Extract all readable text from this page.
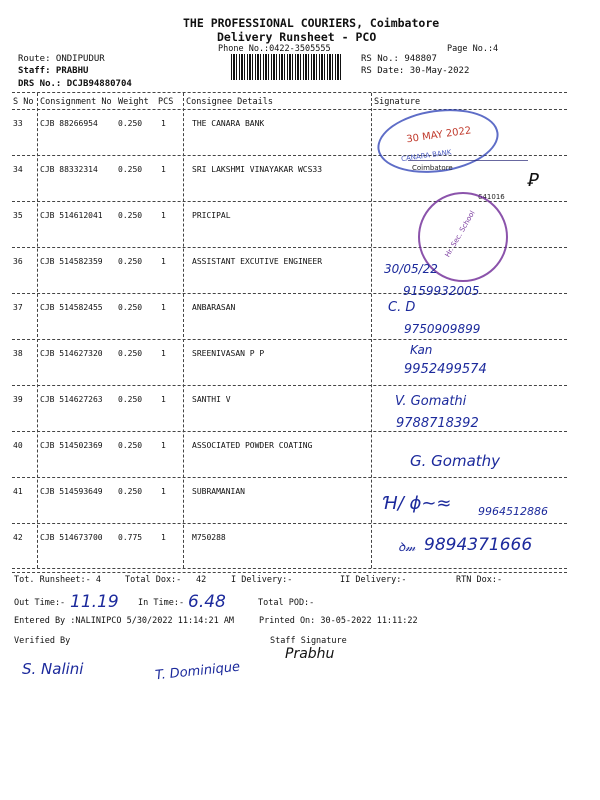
THE PROFESSIONAL COURIERS, Coimbatore
Delivery Runsheet - PCO
Phone No.:0422-3505555	Page No.:4
Route: ONDIPUDUR
Staff: PRABHU
DRS No.: DCJB94880704
RS No.: 948807
RS Date: 30-May-2022
S No Consignment No Weight PCS Consignee Details	Signature
33 CJB 88266954	0.250 1	THE CANARA BANK
34 CJB 88332314	0.250 1	SRI LAKSHMI VINAYAKAR WCS33
35 CJB 514612041 0.250 1	PRICIPAL
36 CJB 514582359 0.250 1	ASSISTANT EXCUTIVE ENGINEER
37 CJB 514582455 0.250 1	ANBARASAN
38 CJB 514627320 0.250 1	SREENIVASAN P P
39 CJB 514627263 0.250 1	SANTHI V
40 CJB 514502369 0.250 1	ASSOCIATED POWDER COATING
41 CJB 514593649 0.250 1	SUBRAMANIAN
42 CJB 514673700 0.775 1	M750288
30 MAY 2022
CANARA BANK
Coimbatore
641016
Ꝑ
Hr. Sec. School
30/05/22
9159932005
C. D
9750909899
Kan
9952499574
V. Gomathi
9788718392
G. Gomathy
Ɦ/ ϕ~≈ 9964512886
ꝺ𝓂 9894371666
Tot. Runsheet:- 4	Total Dox:- 42	I Delivery:-	II Delivery:-	RTN Dox:-
Out Time:- 11.19 In Time:- 6.48	Total POD:-
Entered By :NALINIPCO 5/30/2022 11:14:21 AM	Printed On: 30-05-2022 11:11:22
Verified By	Staff Signature
S. Nalini	T. Dominique
Prabhu
